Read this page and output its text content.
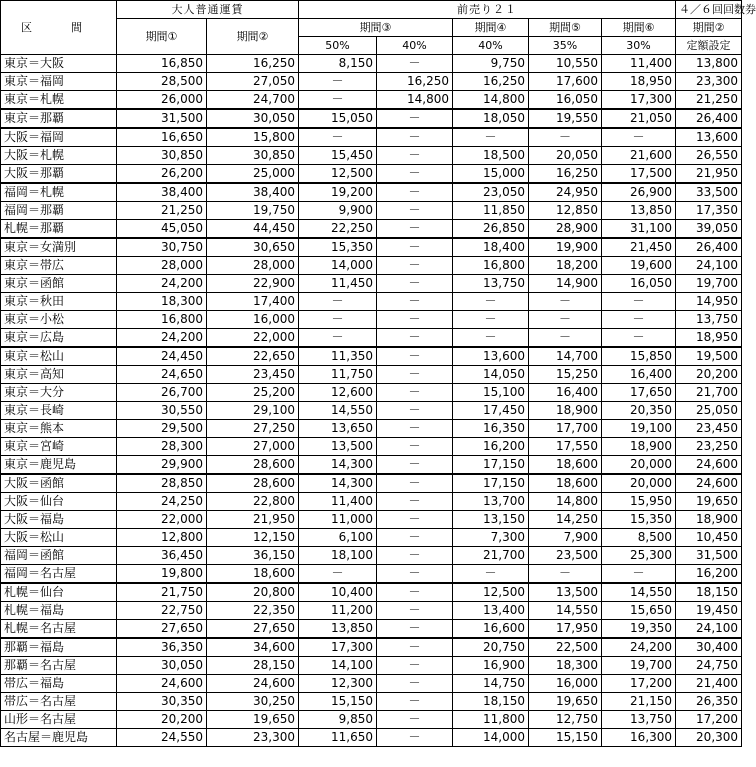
区　間	大人普通運賃		前売り２１					４／６回回数券
	期間①	期間②	期間③		期間④	期間⑤	期間⑥	期間②
			50%	40%	40%	35%	30%	定額設定
東京＝大阪	16,850	16,250	8,150	－	9,750	10,550	11,400	13,800
東京＝福岡	28,500	27,050	－	16,250	16,250	17,600	18,950	23,300
東京＝札幌	26,000	24,700	－	14,800	14,800	16,050	17,300	21,250
東京＝那覇	31,500	30,050	15,050	－	18,050	19,550	21,050	26,400
大阪＝福岡	16,650	15,800	－	－	－	－	－	13,600
大阪＝札幌	30,850	30,850	15,450	－	18,500	20,050	21,600	26,550
大阪＝那覇	26,200	25,000	12,500	－	15,000	16,250	17,500	21,950
福岡＝札幌	38,400	38,400	19,200	－	23,050	24,950	26,900	33,500
福岡＝那覇	21,250	19,750	9,900	－	11,850	12,850	13,850	17,350
札幌＝那覇	45,050	44,450	22,250	－	26,850	28,900	31,100	39,050
東京＝女満別	30,750	30,650	15,350	－	18,400	19,900	21,450	26,400
東京＝帯広	28,000	28,000	14,000	－	16,800	18,200	19,600	24,100
東京＝函館	24,200	22,900	11,450	－	13,750	14,900	16,050	19,700
東京＝秋田	18,300	17,400	－	－	－	－	－	14,950
東京＝小松	16,800	16,000	－	－	－	－	－	13,750
東京＝広島	24,200	22,000	－	－	－	－	－	18,950
東京＝松山	24,450	22,650	11,350	－	13,600	14,700	15,850	19,500
東京＝高知	24,650	23,450	11,750	－	14,050	15,250	16,400	20,200
東京＝大分	26,700	25,200	12,600	－	15,100	16,400	17,650	21,700
東京＝長崎	30,550	29,100	14,550	－	17,450	18,900	20,350	25,050
東京＝熊本	29,500	27,250	13,650	－	16,350	17,700	19,100	23,450
東京＝宮崎	28,300	27,000	13,500	－	16,200	17,550	18,900	23,250
東京＝鹿児島	29,900	28,600	14,300	－	17,150	18,600	20,000	24,600
大阪＝函館	28,850	28,600	14,300	－	17,150	18,600	20,000	24,600
大阪＝仙台	24,250	22,800	11,400	－	13,700	14,800	15,950	19,650
大阪＝福島	22,000	21,950	11,000	－	13,150	14,250	15,350	18,900
大阪＝松山	12,800	12,150	6,100	－	7,300	7,900	8,500	10,450
福岡＝函館	36,450	36,150	18,100	－	21,700	23,500	25,300	31,500
福岡＝名古屋	19,800	18,600	－	－	－	－	－	16,200
札幌＝仙台	21,750	20,800	10,400	－	12,500	13,500	14,550	18,150
札幌＝福島	22,750	22,350	11,200	－	13,400	14,550	15,650	19,450
札幌＝名古屋	27,650	27,650	13,850	－	16,600	17,950	19,350	24,100
那覇＝福島	36,350	34,600	17,300	－	20,750	22,500	24,200	30,400
那覇＝名古屋	30,050	28,150	14,100	－	16,900	18,300	19,700	24,750
帯広＝福島	24,600	24,600	12,300	－	14,750	16,000	17,200	21,400
帯広＝名古屋	30,350	30,250	15,150	－	18,150	19,650	21,150	26,350
山形＝名古屋	20,200	19,650	9,850	－	11,800	12,750	13,750	17,200
名古屋＝鹿児島	24,550	23,300	11,650	－	14,000	15,150	16,300	20,300
